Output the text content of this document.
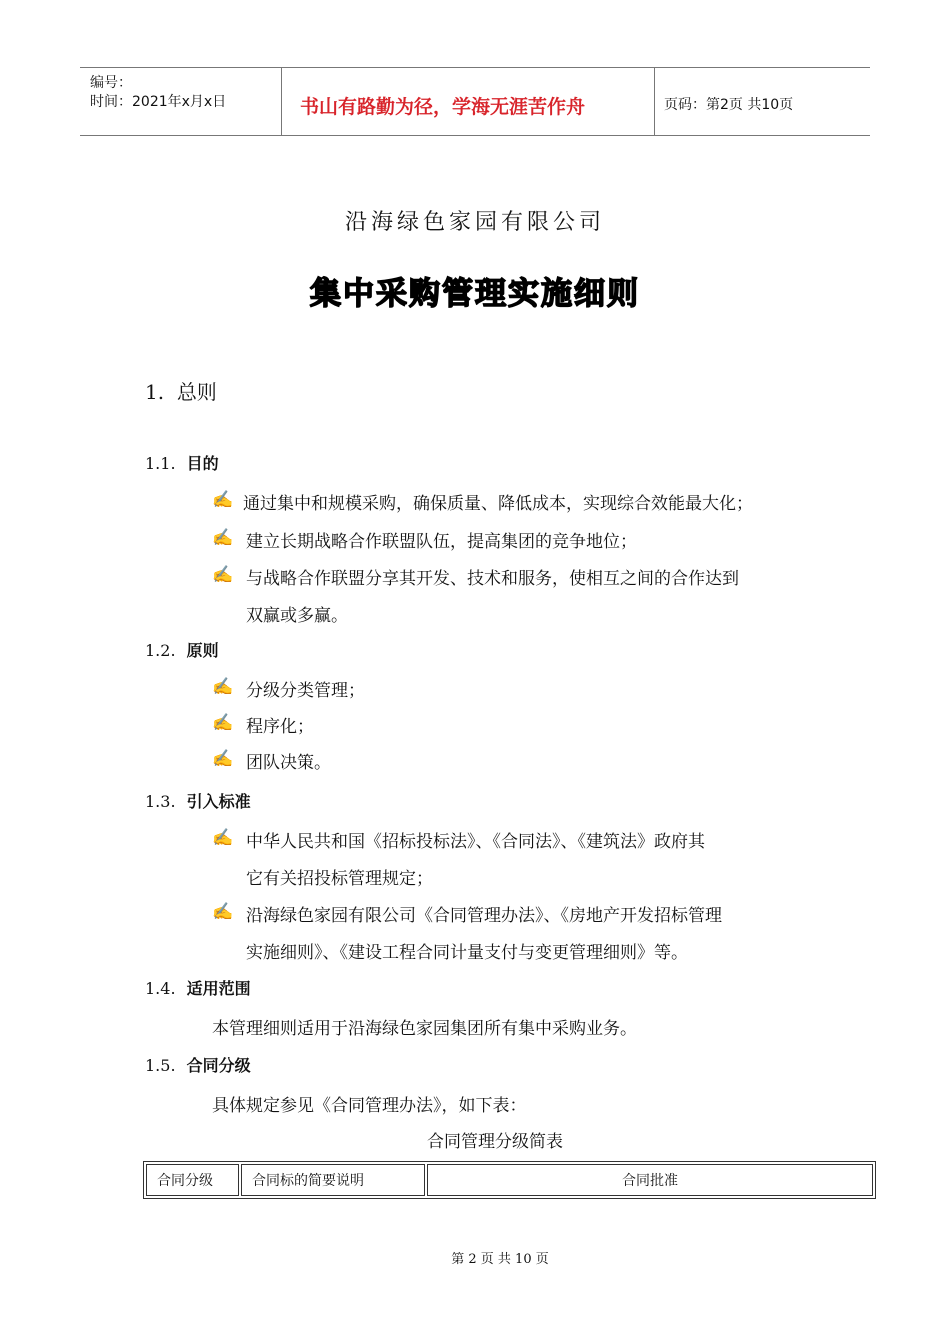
编号：
时间：2021年x月x日	书山有路勤为径，学海无涯苦作舟	页码：第2页 共10页
沿海绿色家园有限公司
集中采购管理实施细则
1. 总则
1.1. 目的
✍ 通过集中和规模采购，确保质量、降低成本，实现综合效能最大化；
✍ 建立长期战略合作联盟队伍，提高集团的竞争地位；
✍ 与战略合作联盟分享其开发、技术和服务，使相互之间的合作达到
双赢或多赢。
1.2. 原则
✍ 分级分类管理；
✍ 程序化；
✍ 团队决策。
1.3. 引入标准
✍ 中华人民共和国《招标投标法》、《合同法》、《建筑法》政府其
它有关招投标管理规定；
✍ 沿海绿色家园有限公司《合同管理办法》、《房地产开发招标管理
实施细则》、《建设工程合同计量支付与变更管理细则》等。
1.4. 适用范围
本管理细则适用于沿海绿色家园集团所有集中采购业务。
1.5. 合同分级
具体规定参见《合同管理办法》，如下表：
合同管理分级简表
合同分级	合同标的简要说明	合同批准
第 2 页 共 10 页
